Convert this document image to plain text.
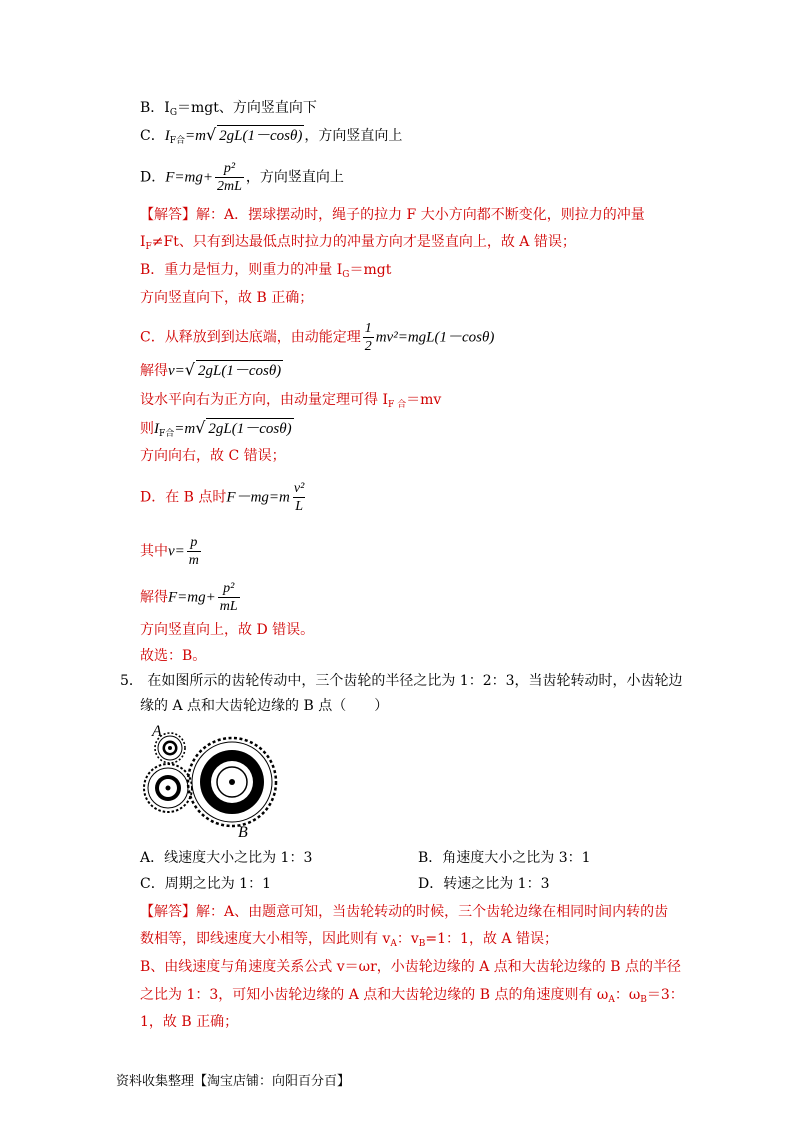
B．$I_G=mgt$、方向竖直向下
C．$I_{F合}=m√$ 2gL(1－cosθ) ，方向竖直向上
D．$F=mg+ \frac{\text{p²}}{2mL}$ ，方向竖直向上
【解答】解：A．摆球摆动时，绳子的拉力 F 大小方向都不断变化，则拉力的冲量
$I_F\ne Ft$、只有到达最低点时拉力的冲量方向才是竖直向上，故 A 错误；
B．重力是恒力，则重力的冲量 $I_G=mgt$
方向竖直向下，故 B 正确；
C．从释放到到达底端，由动能定理 $\frac{1}{2} mv^2=mgL(1-\cos\theta)$
解得v=√ 2gL(1－cosθ)
设水平向右为正方向，由动量定理可得 $I_{F 合}=mv$
则$I_{F合}=m√$ 2gL(1－cosθ)
方向向右，故 C 错误；
D．在 B 点时$F-mg=m \frac{\text{v²}}{L}$
其中$v= \frac{p}{m}$
解得$F=mg+ \frac{\text{p²}}{mL}$
方向竖直向上，故 D 错误。
故选：B。
5． 在如图所示的齿轮传动中，三个齿轮的半径之比为 1：2：3，当齿轮转动时，小齿轮边
缘的 A 点和大齿轮边缘的 B 点（　　）
A
B
A．线速度大小之比为 1：3	B．角速度大小之比为 3：1
C．周期之比为 1：1	D．转速之比为 1：3
【解答】解：A、由题意可知，当齿轮转动的时候，三个齿轮边缘在相同时间内转的齿
数相等，即线速度大小相等，因此则有 $v_A$：$v_B=1$：1，故 A 错误；
B、由线速度与角速度关系公式 v＝ωr，小齿轮边缘的 A 点和大齿轮边缘的 B 点的半径
之比为 1：3，可知小齿轮边缘的 A 点和大齿轮边缘的 B 点的角速度则有 $\omega_A$：$\omega_B=3$：
1，故 B 正确；
资料收集整理【淘宝店铺：向阳百分百】
